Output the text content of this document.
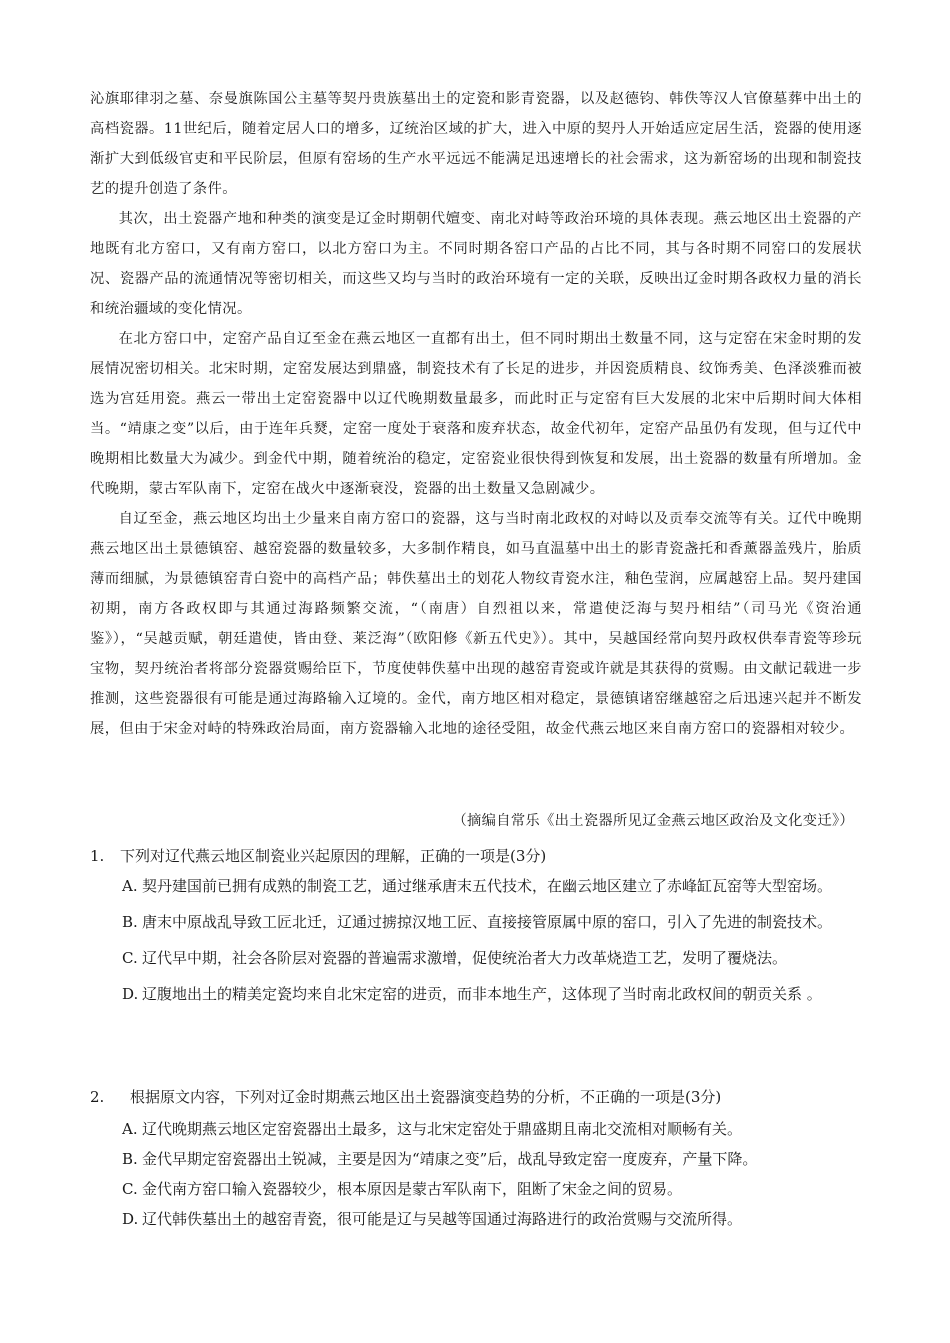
沁旗耶律羽之墓、奈曼旗陈国公主墓等契丹贵族墓出土的定瓷和影青瓷器，以及赵德钧、韩佚等汉人官僚墓葬中出土的高档瓷器。11世纪后，随着定居人口的增多，辽统治区域的扩大，进入中原的契丹人开始适应定居生活，瓷器的使用逐渐扩大到低级官吏和平民阶层，但原有窑场的生产水平远远不能满足迅速增长的社会需求，这为新窑场的出现和制瓷技艺的提升创造了条件。

其次，出土瓷器产地和种类的演变是辽金时期朝代嬗变、南北对峙等政治环境的具体表现。燕云地区出土瓷器的产地既有北方窑口，又有南方窑口，以北方窑口为主。不同时期各窑口产品的占比不同，其与各时期不同窑口的发展状况、瓷器产品的流通情况等密切相关，而这些又均与当时的政治环境有一定的关联，反映出辽金时期各政权力量的消长和统治疆域的变化情况。

在北方窑口中，定窑产品自辽至金在燕云地区一直都有出土，但不同时期出土数量不同，这与定窑在宋金时期的发展情况密切相关。北宋时期，定窑发展达到鼎盛，制瓷技术有了长足的进步，并因瓷质精良、纹饰秀美、色泽淡雅而被选为宫廷用瓷。燕云一带出土定窑瓷器中以辽代晚期数量最多，而此时正与定窑有巨大发展的北宋中后期时间大体相当。“靖康之变”以后，由于连年兵燹，定窑一度处于衰落和废弃状态，故金代初年，定窑产品虽仍有发现，但与辽代中晚期相比数量大为减少。到金代中期，随着统治的稳定，定窑瓷业很快得到恢复和发展，出土瓷器的数量有所增加。金代晚期，蒙古军队南下，定窑在战火中逐渐衰没，瓷器的出土数量又急剧减少。

自辽至金，燕云地区均出土少量来自南方窑口的瓷器，这与当时南北政权的对峙以及贡奉交流等有关。辽代中晚期燕云地区出土景德镇窑、越窑瓷器的数量较多，大多制作精良，如马直温墓中出土的影青瓷盏托和香薰器盖残片，胎质薄而细腻，为景德镇窑青白瓷中的高档产品；韩佚墓出土的划花人物纹青瓷水注，釉色莹润，应属越窑上品。契丹建国初期，南方各政权即与其通过海路频繁交流，“（南唐）自烈祖以来，常遣使泛海与契丹相结”（司马光《资治通鉴》），“吴越贡赋，朝廷遣使，皆由登、莱泛海”（欧阳修《新五代史》）。其中，吴越国经常向契丹政权供奉青瓷等珍玩宝物，契丹统治者将部分瓷器赏赐给臣下，节度使韩佚墓中出现的越窑青瓷或许就是其获得的赏赐。由文献记载进一步推测，这些瓷器很有可能是通过海路输入辽境的。金代，南方地区相对稳定，景德镇诸窑继越窑之后迅速兴起并不断发展，但由于宋金对峙的特殊政治局面，南方瓷器输入北地的途径受阻，故金代燕云地区来自南方窑口的瓷器相对较少。

（摘编自常乐《出土瓷器所见辽金燕云地区政治及文化变迁》）
1.	下列对辽代燕云地区制瓷业兴起原因的理解，正确的一项是(3分)
A. 契丹建国前已拥有成熟的制瓷工艺，通过继承唐末五代技术，在幽云地区建立了赤峰缸瓦窑等大型窑场。
B. 唐末中原战乱导致工匠北迁，辽通过掳掠汉地工匠、直接接管原属中原的窑口，引入了先进的制瓷技术。
C. 辽代早中期，社会各阶层对瓷器的普遍需求激增，促使统治者大力改革烧造工艺，发明了覆烧法。
D. 辽腹地出土的精美定瓷均来自北宋定窑的进贡，而非本地生产，这体现了当时南北政权间的朝贡关系 。
2.	根据原文内容，下列对辽金时期燕云地区出土瓷器演变趋势的分析，不正确的一项是(3分)
A. 辽代晚期燕云地区定窑瓷器出土最多，这与北宋定窑处于鼎盛期且南北交流相对顺畅有关。
B. 金代早期定窑瓷器出土锐减，主要是因为“靖康之变”后，战乱导致定窑一度废弃，产量下降。
C. 金代南方窑口输入瓷器较少，根本原因是蒙古军队南下，阻断了宋金之间的贸易。
D. 辽代韩佚墓出土的越窑青瓷，很可能是辽与吴越等国通过海路进行的政治赏赐与交流所得。
